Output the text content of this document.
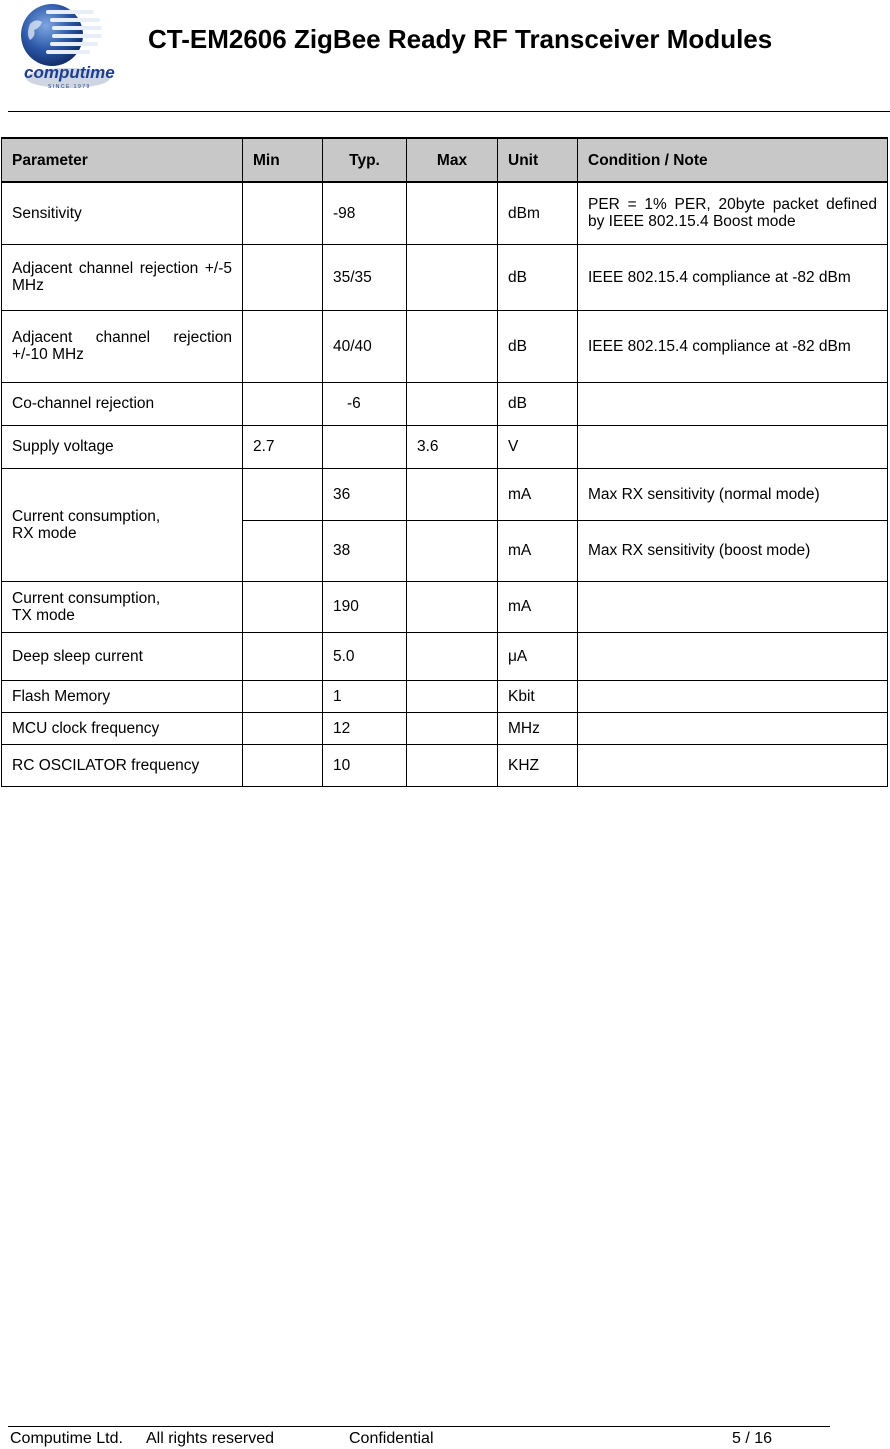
computime
SINCE 1979
CT-EM2606 ZigBee Ready RF Transceiver Modules
Parameter	Min	Typ.	Max	Unit	Condition / Note
Sensitivity		-98		dBm	PER = 1% PER, 20byte packet defined by IEEE 802.15.4 Boost mode
Adjacent channel rejection +/-5 MHz		35/35		dB	IEEE 802.15.4 compliance at -82 dBm
Adjacent channel rejection +/-10 MHz		40/40		dB	IEEE 802.15.4 compliance at -82 dBm
Co-channel rejection		-6		dB	
Supply voltage	2.7		3.6	V	

Current consumption,
RX mode		36		mA	Max RX sensitivity (normal mode)
		38		mA	Max RX sensitivity (boost mode)

Current consumption,
TX mode		190		mA	
Deep sleep current		5.0		μA	
Flash Memory		1		Kbit	
MCU clock frequency		12		MHz	
RC OSCILATOR frequency		10		KHZ	
Computime Ltd. All rights reserved	Confidential	5 / 16
